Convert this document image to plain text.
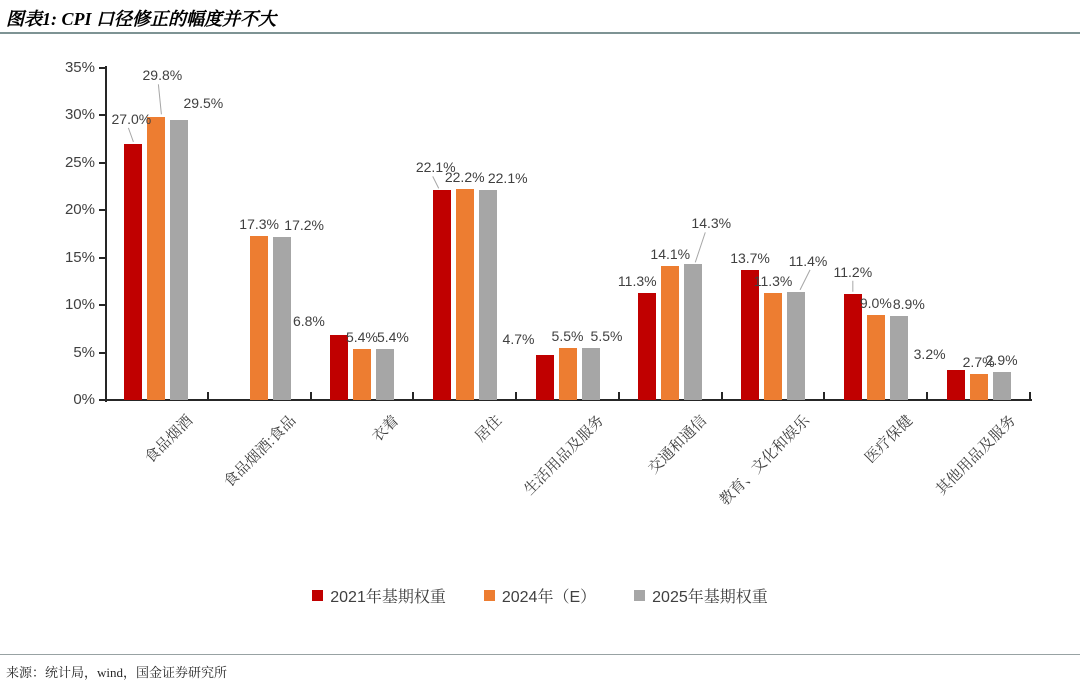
图表1: CPI 口径修正的幅度并不大
0%
5%
10%
15%
20%
25%
30%
35%
27.0%
6.8%
22.1%
4.7%
11.3%
13.7%
11.2%
3.2%
29.8%
17.3%
5.4%
22.2%
5.5%
14.1%
11.3%
9.0%
2.7%
29.5%
17.2%
5.4%
22.1%
5.5%
14.3%
11.4%
8.9%
2.9%
食品烟酒 食品烟酒:食品	衣着	居住 生活用品及服务	交通和通信 教育、文化和娱乐	医疗保健 其他用品及服务
2021年基期权重	2024年（E）	2025年基期权重
来源：统计局，wind，国金证券研究所
